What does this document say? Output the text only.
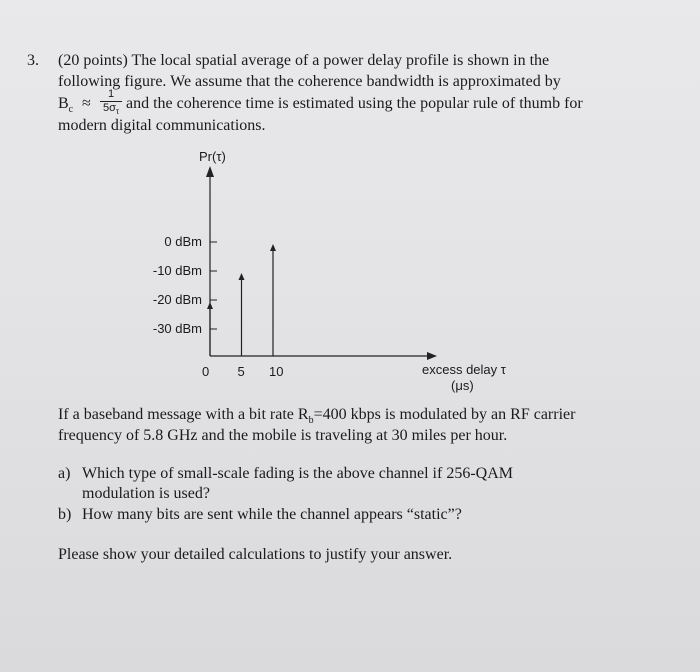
3. (20 points) The local spatial average of a power delay profile is shown in the
following figure. We assume that the coherence bandwidth is approximated by
$B_c$ ≈
1
$5\sigma_\tau$ and the coherence time is estimated using the popular rule of thumb for
modern digital communications.
Pr(τ)
excess delay τ
(μs)
0 dBm
-10 dBm
-20 dBm
-30 dBm
0 5 10
If a baseband message with a bit rate $R_b=400$ kbps is modulated by an RF carrier
frequency of 5.8 GHz and the mobile is traveling at 30 miles per hour.
a) Which type of small-scale fading is the above channel if 256-QAM
modulation is used?
b) How many bits are sent while the channel appears “static”?
Please show your detailed calculations to justify your answer.
